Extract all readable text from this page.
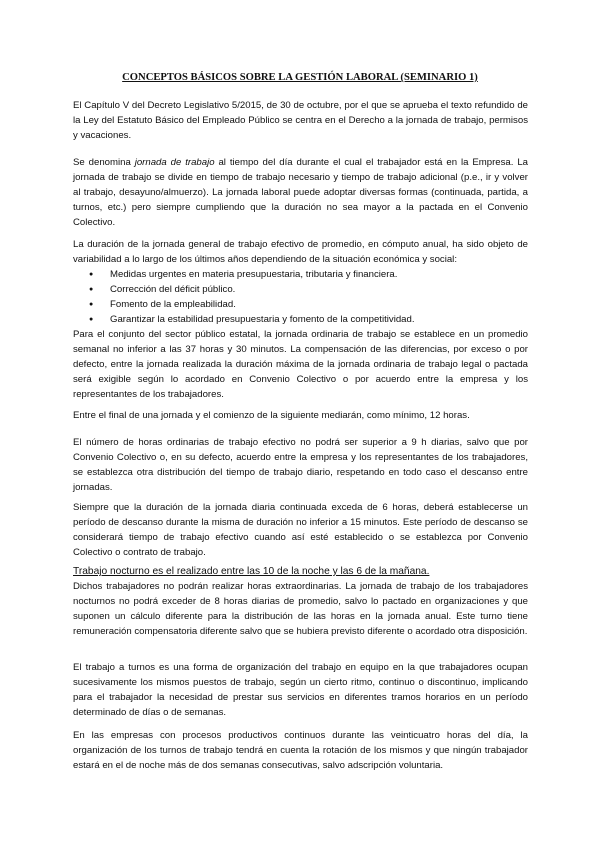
CONCEPTOS BÁSICOS SOBRE LA GESTIÓN LABORAL (SEMINARIO 1)

El Capítulo V del Decreto Legislativo 5/2015, de 30 de octubre, por el que se aprueba el texto refundido de la Ley del Estatuto Básico del Empleado Público se centra en el Derecho a la jornada de trabajo, permisos y vacaciones.

Se denomina jornada de trabajo al tiempo del día durante el cual el trabajador está en la Empresa. La jornada de trabajo se divide en tiempo de trabajo necesario y tiempo de trabajo adicional (p.e., ir y volver al trabajo, desayuno/almuerzo). La jornada laboral puede adoptar diversas formas (continuada, partida, a turnos, etc.) pero siempre cumpliendo que la duración no sea mayor a la pactada en el Convenio Colectivo.

La duración de la jornada general de trabajo efectivo de promedio, en cómputo anual, ha sido objeto de variabilidad a lo largo de los últimos años dependiendo de la situación económica y social:

● Medidas urgentes en materia presupuestaria, tributaria y financiera.
● Corrección del déficit público.
● Fomento de la empleabilidad.
● Garantizar la estabilidad presupuestaria y fomento de la competitividad.

Para el conjunto del sector público estatal, la jornada ordinaria de trabajo se establece en un promedio semanal no inferior a las 37 horas y 30 minutos. La compensación de las diferencias, por exceso o por defecto, entre la jornada realizada la duración máxima de la jornada ordinaria de trabajo legal o pactada será exigible según lo acordado en Convenio Colectivo o por acuerdo entre la empresa y los representantes de los trabajadores.

Entre el final de una jornada y el comienzo de la siguiente mediarán, como mínimo, 12 horas.

El número de horas ordinarias de trabajo efectivo no podrá ser superior a 9 h diarias, salvo que por Convenio Colectivo o, en su defecto, acuerdo entre la empresa y los representantes de los trabajadores, se establezca otra distribución del tiempo de trabajo diario, respetando en todo caso el descanso entre jornadas.

Siempre que la duración de la jornada diaria continuada exceda de 6 horas, deberá establecerse un período de descanso durante la misma de duración no inferior a 15 minutos. Este período de descanso se considerará tiempo de trabajo efectivo cuando así esté establecido o se establezca por Convenio Colectivo o contrato de trabajo.

Trabajo nocturno es el realizado entre las 10 de la noche y las 6 de la mañana.

Dichos trabajadores no podrán realizar horas extraordinarias. La jornada de trabajo de los trabajadores nocturnos no podrá exceder de 8 horas diarias de promedio, salvo lo pactado en organizaciones y que suponen un cálculo diferente para la distribución de las horas en la jornada anual. Este turno tiene remuneración compensatoria diferente salvo que se hubiera previsto diferente o acordado otra disposición.

El trabajo a turnos es una forma de organización del trabajo en equipo en la que trabajadores ocupan sucesivamente los mismos puestos de trabajo, según un cierto ritmo, continuo o discontinuo, implicando para el trabajador la necesidad de prestar sus servicios en diferentes tramos horarios en un período determinado de días o de semanas.

En las empresas con procesos productivos continuos durante las veinticuatro horas del día, la organización de los turnos de trabajo tendrá en cuenta la rotación de los mismos y que ningún trabajador estará en el de noche más de dos semanas consecutivas, salvo adscripción voluntaria.
